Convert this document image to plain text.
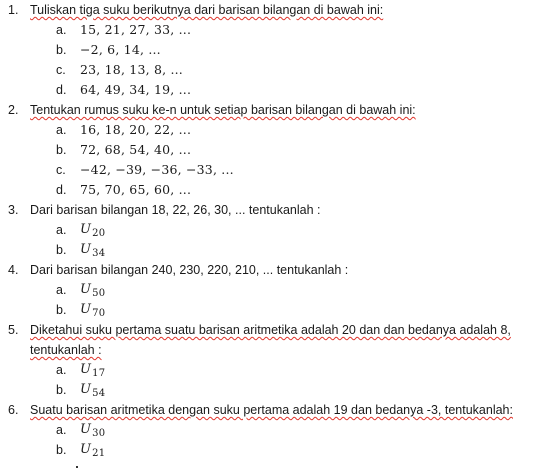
1. Tuliskan tiga suku berikutnya dari barisan bilangan di bawah ini:
a. 15, 21, 27, 33, ...
b. −2, 6, 14, ...
c. 23, 18, 13, 8, ...
d. 64, 49, 34, 19, ...
2. Tentukan rumus suku ke-n untuk setiap barisan bilangan di bawah ini:
a. 16, 18, 20, 22, ...
b. 72, 68, 54, 40, ...
c. −42, −39, −36, −33, ...
d. 75, 70, 65, 60, ...
3. Dari barisan bilangan 18, 22, 26, 30, ... tentukanlah :
a. $U_{20}$
b. $U_{34}$
4. Dari barisan bilangan 240, 230, 220, 210, ... tentukanlah :
a. $U_{50}$
b. $U_{70}$
5. Diketahui suku pertama suatu barisan aritmetika adalah 20 dan dan bedanya adalah 8,
tentukanlah :
a. $U_{17}$
b. $U_{54}$
6. Suatu barisan aritmetika dengan suku pertama adalah 19 dan bedanya -3, tentukanlah:
a. $U_{30}$
b. $U_{21}$
